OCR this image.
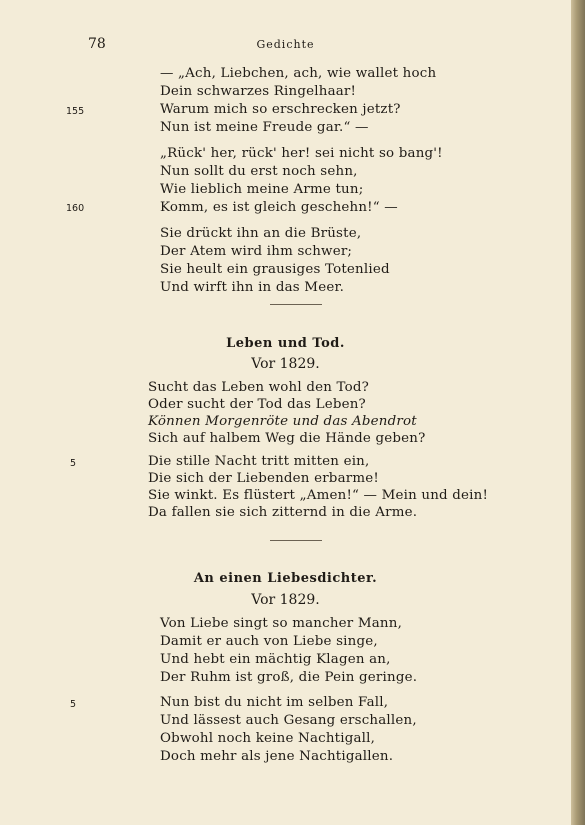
78	Gedichte
— „Ach, Liebchen, ach, wie wallet hoch
Dein schwarzes Ringelhaar!
Warum mich so erschrecken jetzt?
155
Nun ist meine Freude gar.“ —
„Rück' her, rück' her! sei nicht so bang'!
Nun sollt du erst noch sehn,
Wie lieblich meine Arme tun;
Komm, es ist gleich geschehn!“ —
160
Sie drückt ihn an die Brüste,
Der Atem wird ihm schwer;
Sie heult ein grausiges Totenlied
Und wirft ihn in das Meer.
Leben und Tod.
Vor 1829.
Sucht das Leben wohl den Tod?
Oder sucht der Tod das Leben?
Können Morgenröte und das Abendrot
Sich auf halbem Weg die Hände geben?
Die stille Nacht tritt mitten ein,
5
Die sich der Liebenden erbarme!
Sie winkt. Es flüstert „Amen!“ — Mein und dein!
Da fallen sie sich zitternd in die Arme.
An einen Liebesdichter.
Vor 1829.
Von Liebe singt so mancher Mann,
Damit er auch von Liebe singe,
Und hebt ein mächtig Klagen an,
Der Ruhm ist groß, die Pein geringe.
Nun bist du nicht im selben Fall,
5
Und lässest auch Gesang erschallen,
Obwohl noch keine Nachtigall,
Doch mehr als jene Nachtigallen.
